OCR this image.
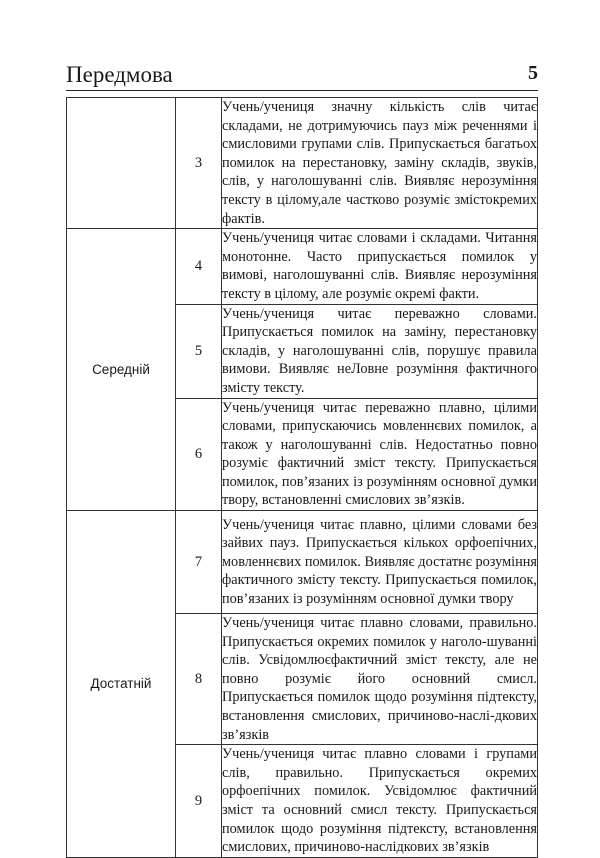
Передмова	5
	3	Учень/учениця значну кількість слів читає складами, не дотримуючись пауз між реченнями і смисловими групами слів. Припускається багатьох помилок на перестановку, заміну складів, звуків, слів, у наголошуванні слів. Виявляє нерозуміння тексту в цілому,але частково розуміє змістокремих фактів.

Середній	4	Учень/учениця читає словами і складами. Читання монотонне. Часто припускається помилок у вимові, наголошуванні слів. Виявляє нерозуміння тексту в цілому, але розуміє окремі факти.

	5	Учень/учениця читає переважно словами. Припускається помилок на заміну, перестановку складів, у наголошуванні слів, порушує правила вимови. Виявляє неЛовне розуміння фактичного змісту тексту.

	6	Учень/учениця читає переважно плавно, цілими словами, припускаючись мовленнєвих помилок, а також у наголошуванні слів. Недостатньо повно розуміє фактичний зміст тексту. Припускається помилок, пов’язаних із розумінням основної думки твору, встановленні смислових зв’язків.

Достатній	7	Учень/учениця читає плавно, цілими словами без зайвих пауз. Припускається кількох орфоепічних, мовленнєвих помилок. Виявляє достатнє розуміння фактичного змісту тексту. Припускається помилок, пов’язаних із розумінням основної думки твору

	8	Учень/учениця читає плавно словами, правильно. Припускається окремих помилок у наголо-шуванні слів. Усвідомлюєфактичний зміст тексту, але не повно розуміє його основний смисл. Припускається помилок щодо розуміння підтексту, встановлення смислових, причиново-наслі-дкових зв’язків

	9	Учень/учениця читає плавно словами і групами слів, правильно. Припускається окремих орфоепічних помилок. Усвідомлює фактичний зміст та основний смисл тексту. Припускається помилок щодо розуміння підтексту, встановлення смислових, причиново-наслідкових зв’язків
